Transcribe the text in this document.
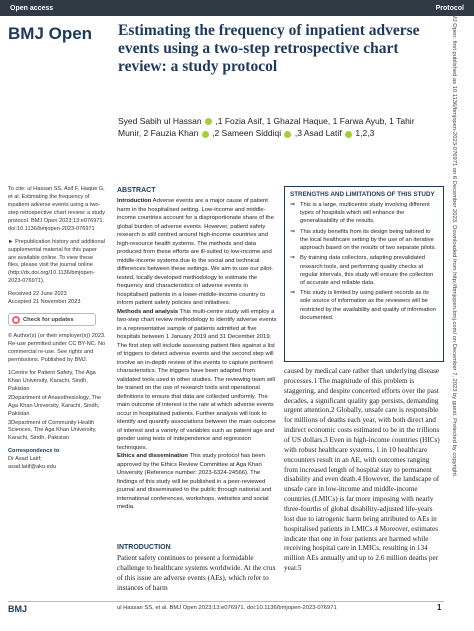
Open access	Protocol
BMJ Open Estimating the frequency of inpatient adverse events using a two-step retrospective chart review: a study protocol
Syed Sabih ul Hassan ,1 Fozia Asif, 1 Ghazal Haque, 1 Farwa Ayub, 1 Tahir Munir, 2 Fauzia Khan ,2 Sameen Siddiqi ,3 Asad Latif 1,2,3	BMJ Open: first published as 10.1136/bmjopen-2023-076971 on 6 December 2023. Downloaded from http://bmjopen.bmj.com/ on December 7, 2023 by guest. Protected by copyright.

To cite: ul Hassan SS, Asif F, Haque G, et al. Estimating the frequency of inpatient adverse events using a two-step retrospective chart review: a study protocol. BMJ Open 2023;13:e076971. doi:10.1136/bmjopen-2023-076971

► Prepublication history and additional supplemental material for this paper are available online. To view these files, please visit the journal online (http://dx.doi.org/10.1136/bmjopen-2023-076971).

Received 22 June 2023

Accepted 21 November 2023

Check for updates

© Author(s) (or their employer(s)) 2023. Re-use permitted under CC BY-NC. No commercial re-use. See rights and permissions. Published by BMJ.

1Centre for Patient Safety, The Aga Khan University, Karachi, Sindh, Pakistan

2Department of Anaesthesiology, The Aga Khan University, Karachi, Sindh, Pakistan

3Department of Community Health Sciences, The Aga Khan University, Karachi, Sindh, Pakistan

Correspondence to

Dr Asad Latif;

asad.latif@aku.edu

ABSTRACT

Introduction Adverse events are a major cause of patient harm in the hospitalised setting. Low-income and middle-income countries account for a disproportionate share of the global burden of adverse events. However, patient safety research is still centred around high-income countries and high-resource health systems. The methods and data produced from these efforts are ill-suited to low-income and middle-income systems due to the social and technical differences between these settings. We aim to use our pilot-tested, locally developed methodology to estimate the frequency and characteristics of adverse events in hospitalised patients in a lower-middle-income country to inform patient safety policies and initiatives.

Methods and analysis This multi-centre study will employ a two-step chart review methodology to identify adverse events in a representative sample of patients admitted at five hospitals between 1 January 2019 and 31 December 2019. The first step will include assessing patient files against a list of triggers to detect adverse events and the second step will involve an in-depth review of the events to capture pertinent characteristics. The triggers have been adapted from validated tools used in other studies. The reviewing team will be trained on the use of research tools and operational definitions to ensure that data are collected uniformly. The main outcome of interest is the rate at which adverse events occur in hospitalised patients. Further analysis will look to identify and quantify associations between the main outcome of interest and a variety of variables such as patient age and gender using tests of independence and regression techniques.

Ethics and dissemination This study protocol has been approved by the Ethics Review Committee at Aga Khan University (Reference number: 2023-6324-24566). The findings of this study will be published in a peer-reviewed journal and disseminated to the public through national and international conferences, workshops, websites and social media.

STRENGTHS AND LIMITATIONS OF THIS STUDY
⇒ This is a large, multicentre study involving different types of hospitals which will enhance the generalisability of the results.
⇒ This study benefits from its design being tailored to the local healthcare setting by the use of an iterative approach based on the results of two separate pilots.
⇒ By training data collectors, adapting prevalidated research tools, and performing quality checks at regular intervals, this study will ensure the collection of accurate and reliable data.
⇒ This study is limited by using patient records as its sole source of information as the reviewers will be restricted by the availability and quality of information documented.
INTRODUCTION

Patient safety continues to present a formidable challenge to healthcare systems worldwide. At the crux of this issue are adverse events (AEs), which refer to instances of harm

caused by medical care rather than underlying disease processes.1 The magnitude of this problem is staggering, and despite concerted efforts over the past decades, a significant quality gap persists, demanding urgent attention.2 Globally, unsafe care is responsible for millions of deaths each year, with both direct and indirect economic costs estimated to be in the trillions of US dollars.3 Even in high-income countries (HICs) with robust healthcare systems, 1 in 10 healthcare encounters result in an AE, with outcomes ranging from increased length of hospital stay to permanent disability and even death.4 However, the landscape of unsafe care in low-income and middle-income countries (LMICs) is far more imposing with nearly three-fourths of global disability-adjusted life-years lost due to iatrogenic harm being attributed to AEs in hospitalised patients in LMICs.4 Moreover, estimates indicate that one in four patients are harmed while receiving hospital care in LMICs, resulting in 134 million AEs annually and up to 2.6 million deaths per year.5
BMJ	ul Hassan SS, et al. BMJ Open 2023;13:e076971. doi:10.1136/bmjopen-2023-076971	1
